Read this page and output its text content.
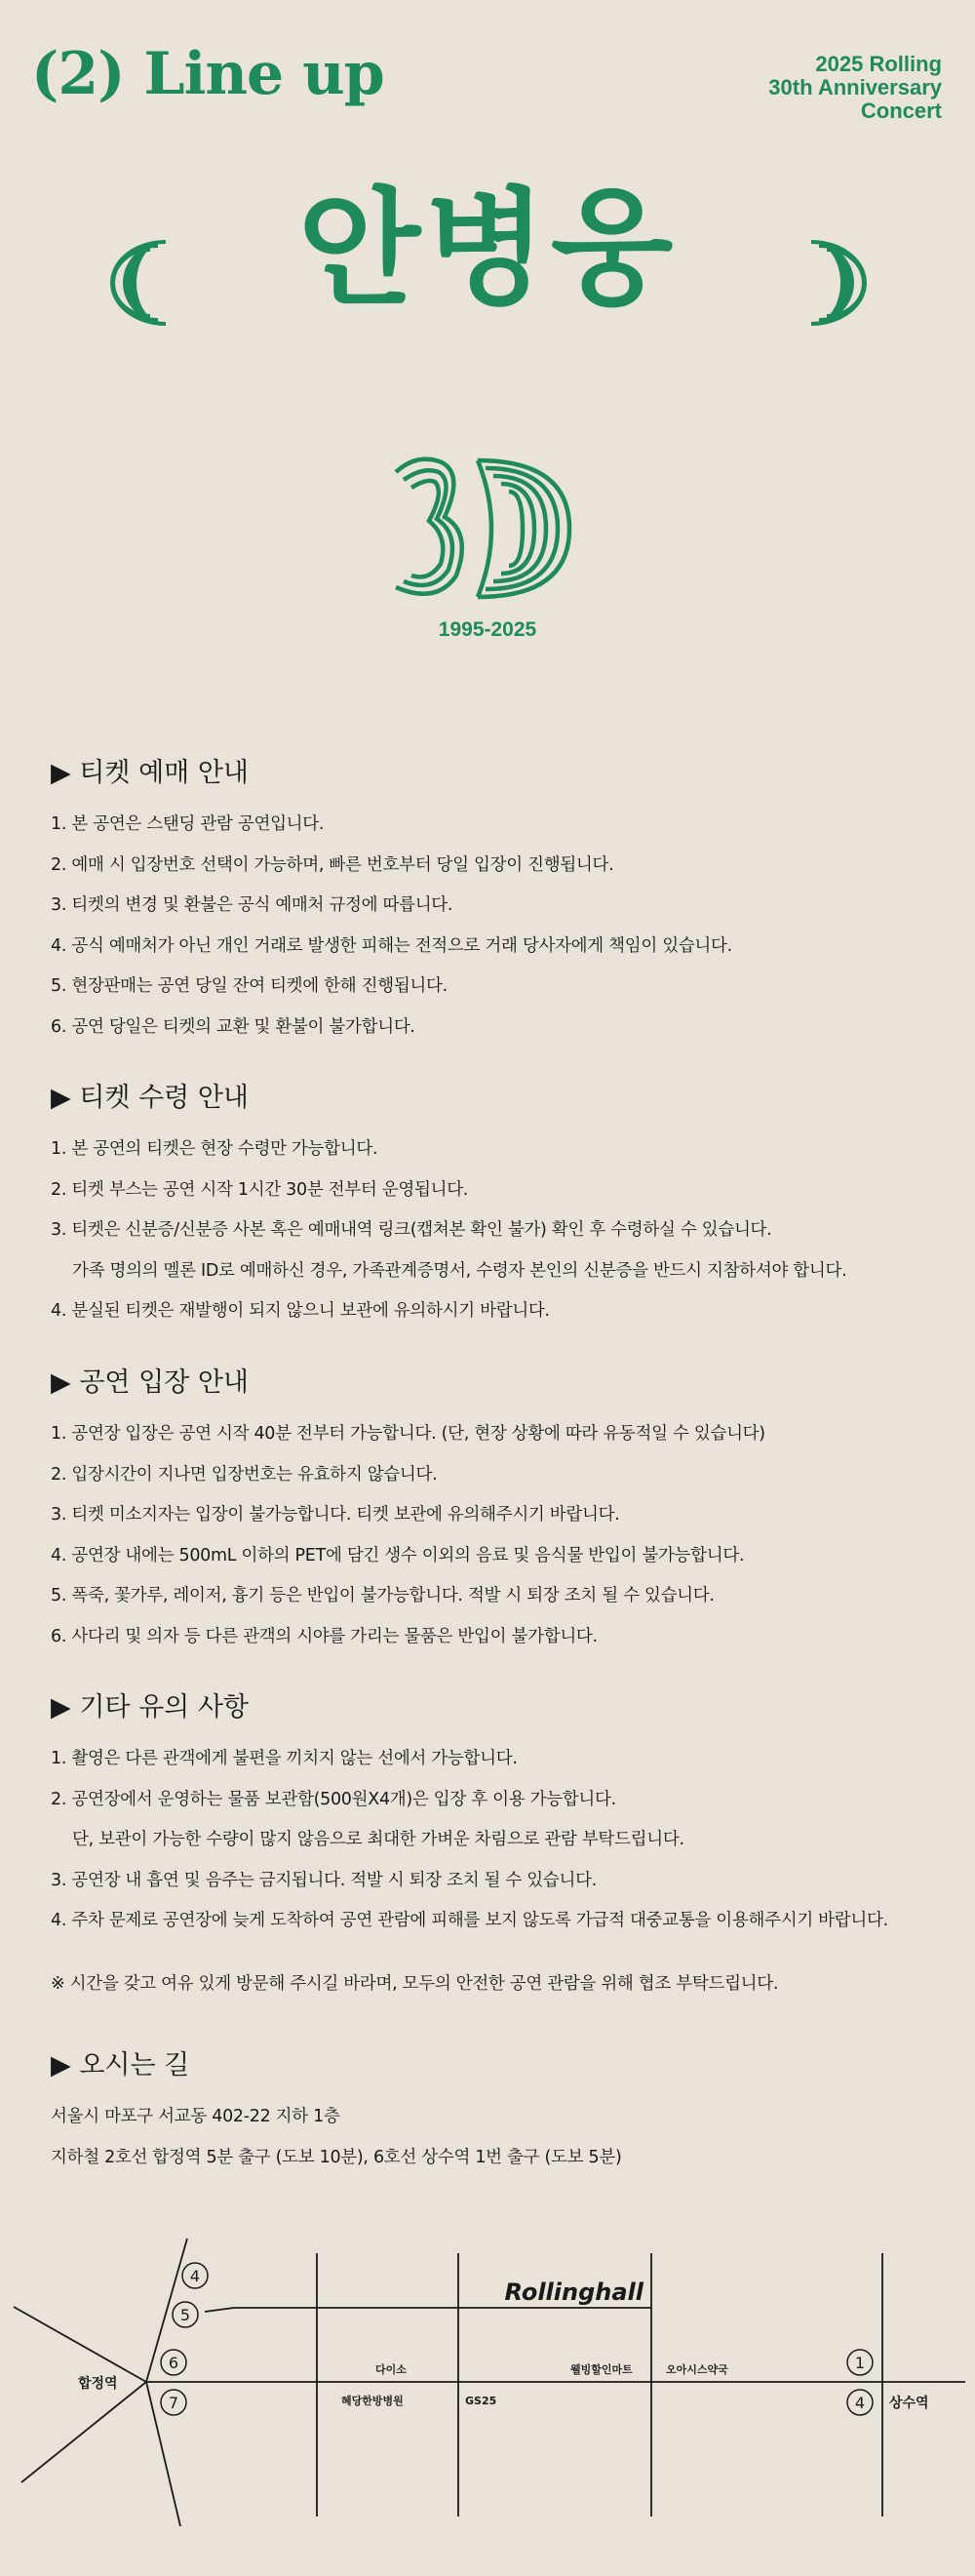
(2) Line up	2025 Rolling
30th Anniversary
Concert
안병웅
1995-2025
▶ 티켓 예매 안내
1. 본 공연은 스탠딩 관람 공연입니다.
2. 예매 시 입장번호 선택이 가능하며, 빠른 번호부터 당일 입장이 진행됩니다.
3. 티켓의 변경 및 환불은 공식 예매처 규정에 따릅니다.
4. 공식 예매처가 아닌 개인 거래로 발생한 피해는 전적으로 거래 당사자에게 책임이 있습니다.
5. 현장판매는 공연 당일 잔여 티켓에 한해 진행됩니다.
6. 공연 당일은 티켓의 교환 및 환불이 불가합니다.
▶ 티켓 수령 안내
1. 본 공연의 티켓은 현장 수령만 가능합니다.
2. 티켓 부스는 공연 시작 1시간 30분 전부터 운영됩니다.
3. 티켓은 신분증/신분증 사본 혹은 예매내역 링크(캡쳐본 확인 불가) 확인 후 수령하실 수 있습니다.
가족 명의의 멜론 ID로 예매하신 경우, 가족관계증명서, 수령자 본인의 신분증을 반드시 지참하셔야 합니다.
4. 분실된 티켓은 재발행이 되지 않으니 보관에 유의하시기 바랍니다.
▶ 공연 입장 안내
1. 공연장 입장은 공연 시작 40분 전부터 가능합니다. (단, 현장 상황에 따라 유동적일 수 있습니다)
2. 입장시간이 지나면 입장번호는 유효하지 않습니다.
3. 티켓 미소지자는 입장이 불가능합니다. 티켓 보관에 유의해주시기 바랍니다.
4. 공연장 내에는 500mL 이하의 PET에 담긴 생수 이외의 음료 및 음식물 반입이 불가능합니다.
5. 폭죽, 꽃가루, 레이저, 흉기 등은 반입이 불가능합니다. 적발 시 퇴장 조치 될 수 있습니다.
6. 사다리 및 의자 등 다른 관객의 시야를 가리는 물품은 반입이 불가합니다.
▶ 기타 유의 사항
1. 촬영은 다른 관객에게 불편을 끼치지 않는 선에서 가능합니다.
2. 공연장에서 운영하는 물품 보관함(500원X4개)은 입장 후 이용 가능합니다.
단, 보관이 가능한 수량이 많지 않음으로 최대한 가벼운 차림으로 관람 부탁드립니다.
3. 공연장 내 흡연 및 음주는 금지됩니다. 적발 시 퇴장 조치 될 수 있습니다.
4. 주차 문제로 공연장에 늦게 도착하여 공연 관람에 피해를 보지 않도록 가급적 대중교통을 이용해주시기 바랍니다.
※ 시간을 갖고 여유 있게 방문해 주시길 바라며, 모두의 안전한 공연 관람을 위해 협조 부탁드립니다.
▶ 오시는 길
서울시 마포구 서교동 402-22 지하 1층
지하철 2호선 합정역 5분 출구 (도보 10분), 6호선 상수역 1번 출구 (도보 5분)
4
5
6
7
1
4
Rollinghall
합정역
상수역
다이소
혜당한방병원	GS25
웰빙할인마트	오아시스약국
